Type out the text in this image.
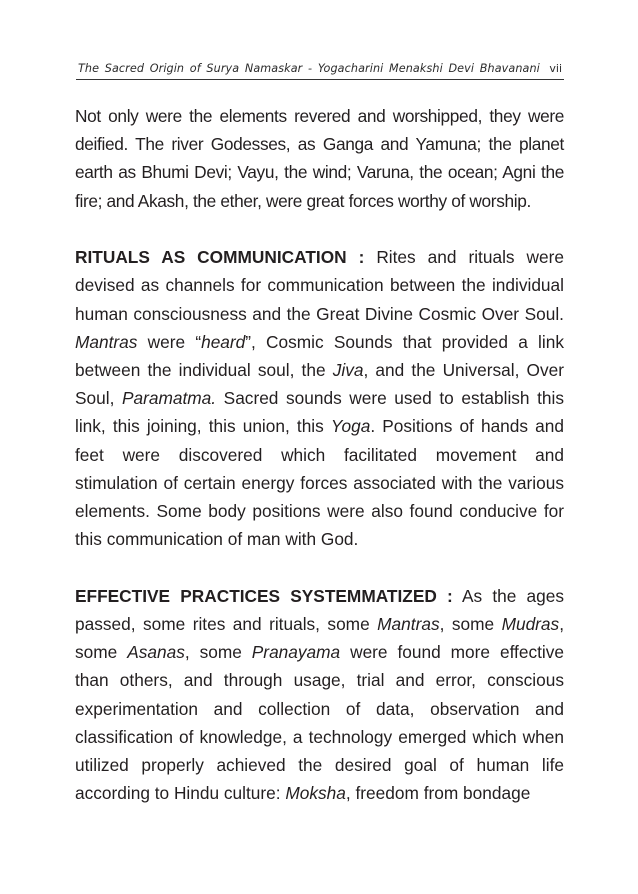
The Sacred Origin of Surya Namaskar - Yogacharini Menakshi Devi Bhavanani vii

Not only were the elements revered and worshipped, they were deified. The river Godesses, as Ganga and Yamuna; the planet earth as Bhumi Devi; Vayu, the wind; Varuna, the ocean; Agni the fire; and Akash, the ether, were great forces worthy of worship.

RITUALS AS COMMUNICATION : Rites and rituals were devised as channels for communication between the individual human consciousness and the Great Divine Cosmic Over Soul. Mantras were “heard”, Cosmic Sounds that provided a link between the individual soul, the Jiva, and the Universal, Over Soul, Paramatma. Sacred sounds were used to establish this link, this joining, this union, this Yoga. Positions of hands and feet were discovered which facilitated movement and stimulation of certain energy forces associated with the various elements. Some body positions were also found conducive for this communication of man with God.

EFFECTIVE PRACTICES SYSTEMMATIZED : As the ages passed, some rites and rituals, some Mantras, some Mudras, some Asanas, some Pranayama were found more effective than others, and through usage, trial and error, conscious experimentation and collection of data, observation and classification of knowledge, a technology emerged which when utilized properly achieved the desired goal of human life according to Hindu culture: Moksha, freedom from bondage
